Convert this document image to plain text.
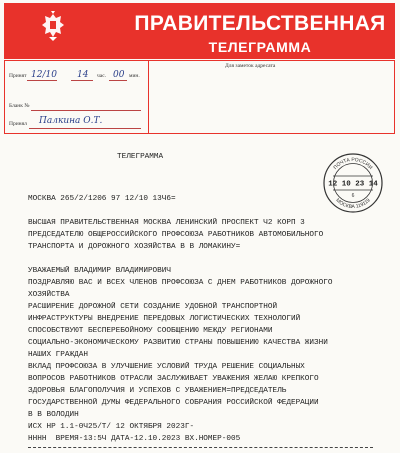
ПРАВИТЕЛЬСТВЕННАЯ
ТЕЛЕГРАММА
Принят 12/10 14 час. 00 мин.
Бланк №
Принял Палкина О.Т.
Для заметок адресата
ТЕЛЕГРАММА
МОСКВА 265/2/1206 97 12/10 13Ч6=
ВЫСШАЯ ПРАВИТЕЛЬСТВЕННАЯ МОСКВА ЛЕНИНСКИЙ ПРОСПЕКТ Ч2 КОРП 3
ПРЕДСЕДАТЕЛЮ ОБЩЕРОССИЙСКОГО ПРОФСОЮЗА РАБОТНИКОВ АВТОМОБИЛЬНОГО
ТРАНСПОРТА И ДОРОЖНОГО ХОЗЯЙСТВА В В ЛОМАКИНУ=
УВАЖАЕМЫЙ ВЛАДИМИР ВЛАДИМИРОВИЧ
ПОЗДРАВЛЯЮ ВАС И ВСЕХ ЧЛЕНОВ ПРОФСОЮЗА С ДНЕМ РАБОТНИКОВ ДОРОЖНОГО
ХОЗЯЙСТВА
РАСШИРЕНИЕ ДОРОЖНОЙ СЕТИ СОЗДАНИЕ УДОБНОЙ ТРАНСПОРТНОЙ
ИНФРАСТРУКТУРЫ ВНЕДРЕНИЕ ПЕРЕДОВЫХ ЛОГИСТИЧЕСКИХ ТЕХНОЛОГИЙ
СПОСОБСТВУЮТ БЕСПЕРЕБОЙНОМУ СООБЩЕНИЮ МЕЖДУ РЕГИОНАМИ
СОЦИАЛЬНО-ЭКОНОМИЧЕСКОМУ РАЗВИТИЮ СТРАНЫ ПОВЫШЕНИЮ КАЧЕСТВА ЖИЗНИ
НАШИХ ГРАЖДАН
ВКЛАД ПРОФСОЮЗА В УЛУЧШЕНИЕ УСЛОВИЙ ТРУДА РЕШЕНИЕ СОЦИАЛЬНЫХ
ВОПРОСОВ РАБОТНИКОВ ОТРАСЛИ ЗАСЛУЖИВАЕТ УВАЖЕНИЯ ЖЕЛАЮ КРЕПКОГО
ЗДОРОВЬЯ БЛАГОПОЛУЧИЯ И УСПЕХОВ С УВАЖЕНИЕМ=ПРЕДСЕДАТЕЛЬ
ГОСУДАРСТВЕННОЙ ДУМЫ ФЕДЕРАЛЬНОГО СОБРАНИЯ РОССИЙСКОЙ ФЕДЕРАЦИИ
В В ВОЛОДИН
ИСХ НР 1.1-0Ч25/Т/ 12 ОКТЯБРЯ 2023Г-
НННН  ВРЕМЯ-13:5Ч ДАТА-12.10.2023 ВХ.НОМЕР-005
ПОЧТА РОССИИ
12 10 23 14
6
МОСКВА 119119
